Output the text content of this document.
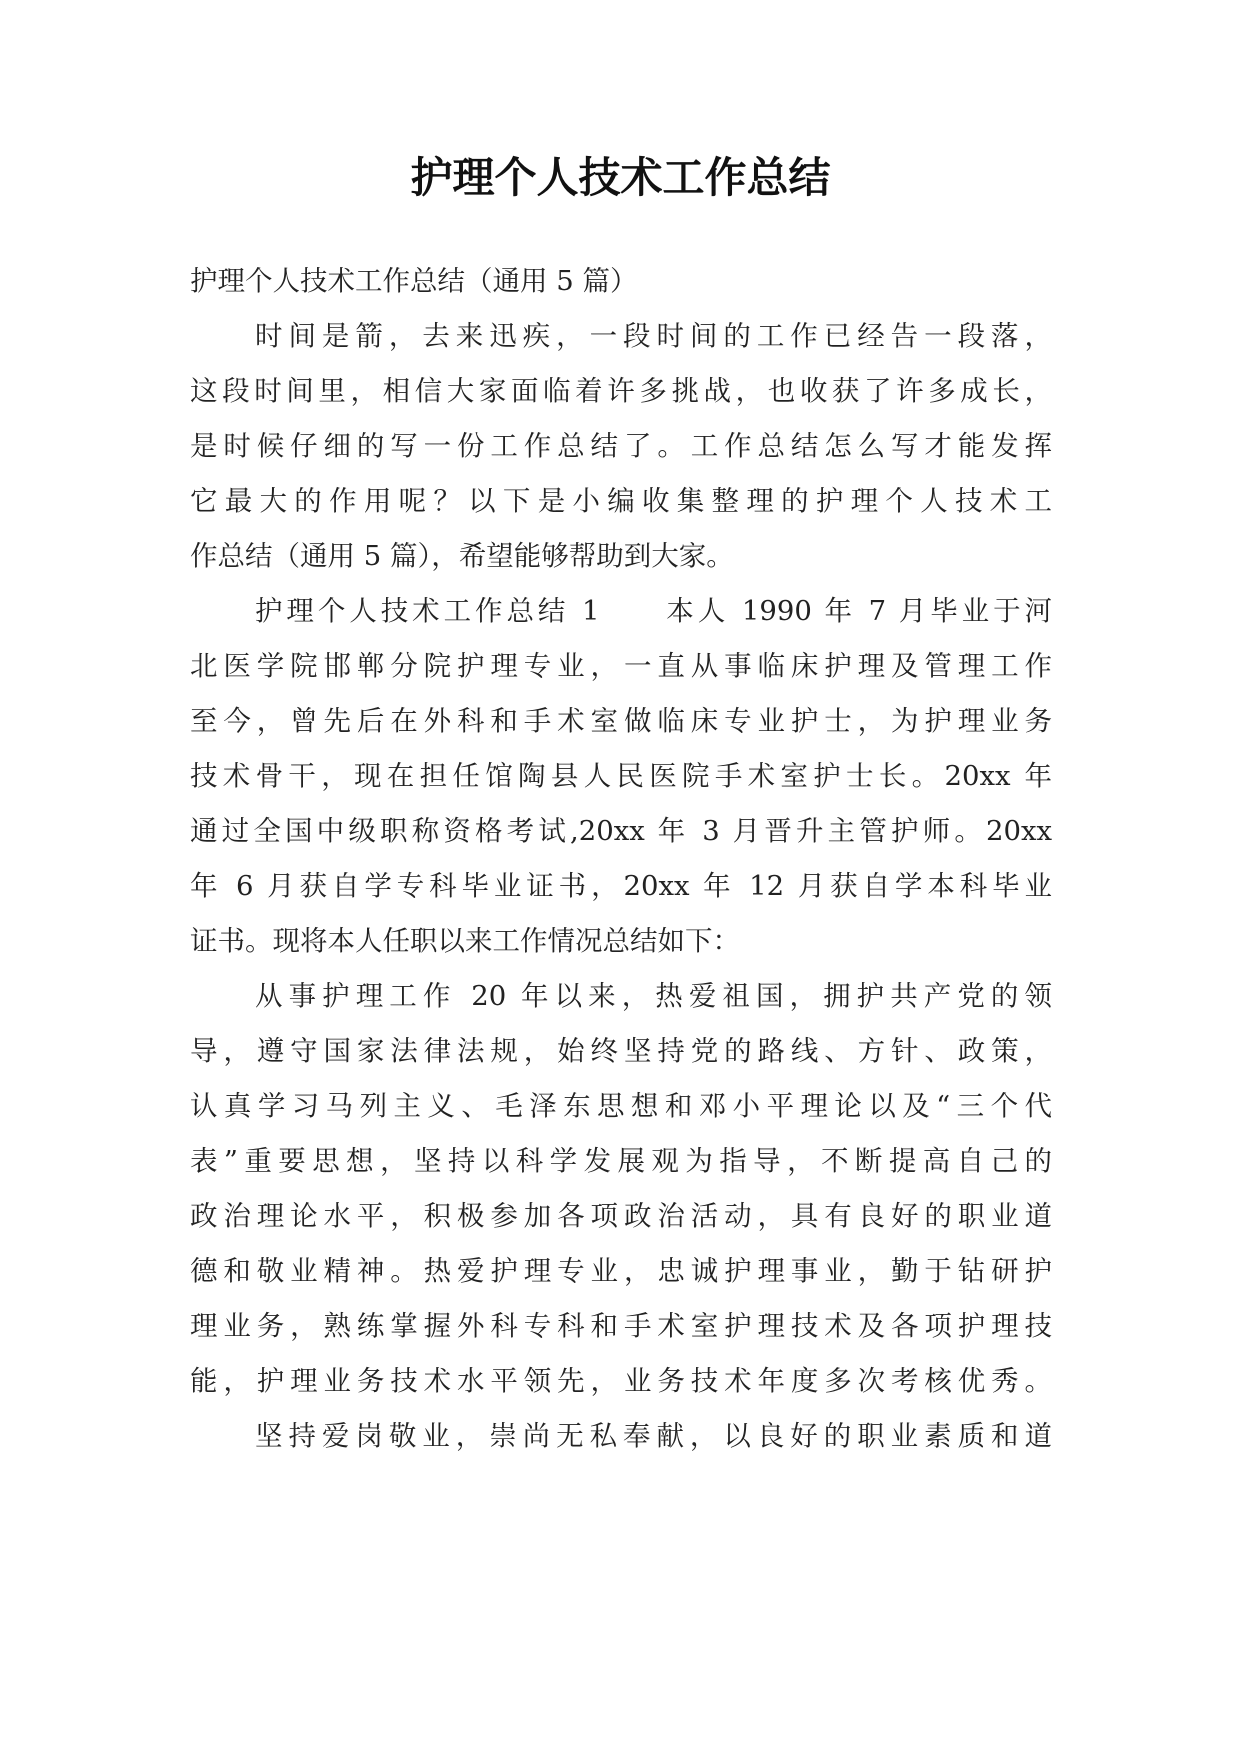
护理个人技术工作总结

护理个人技术工作总结（通用 5 篇）

时间是箭，去来迅疾，一段时间的工作已经告一段落，

这段时间里，相信大家面临着许多挑战，也收获了许多成长，

是时候仔细的写一份工作总结了。工作总结怎么写才能发挥

它最大的作用呢？以下是小编收集整理的护理个人技术工

作总结（通用 5 篇），希望能够帮助到大家。

护理个人技术工作总结 1　　本人 1990 年 7 月毕业于河

北医学院邯郸分院护理专业，一直从事临床护理及管理工作

至今，曾先后在外科和手术室做临床专业护士，为护理业务

技术骨干，现在担任馆陶县人民医院手术室护士长。20xx 年

通过全国中级职称资格考试,20xx 年 3 月晋升主管护师。20xx

年 6 月获自学专科毕业证书，20xx 年 12 月获自学本科毕业

证书。现将本人任职以来工作情况总结如下：

从事护理工作 20 年以来，热爱祖国，拥护共产党的领

导，遵守国家法律法规，始终坚持党的路线、方针、政策，

认真学习马列主义、毛泽东思想和邓小平理论以及“三个代

表”重要思想，坚持以科学发展观为指导，不断提高自己的

政治理论水平，积极参加各项政治活动，具有良好的职业道

德和敬业精神。热爱护理专业，忠诚护理事业，勤于钻研护

理业务，熟练掌握外科专科和手术室护理技术及各项护理技

能，护理业务技术水平领先，业务技术年度多次考核优秀。

坚持爱岗敬业，崇尚无私奉献，以良好的职业素质和道
